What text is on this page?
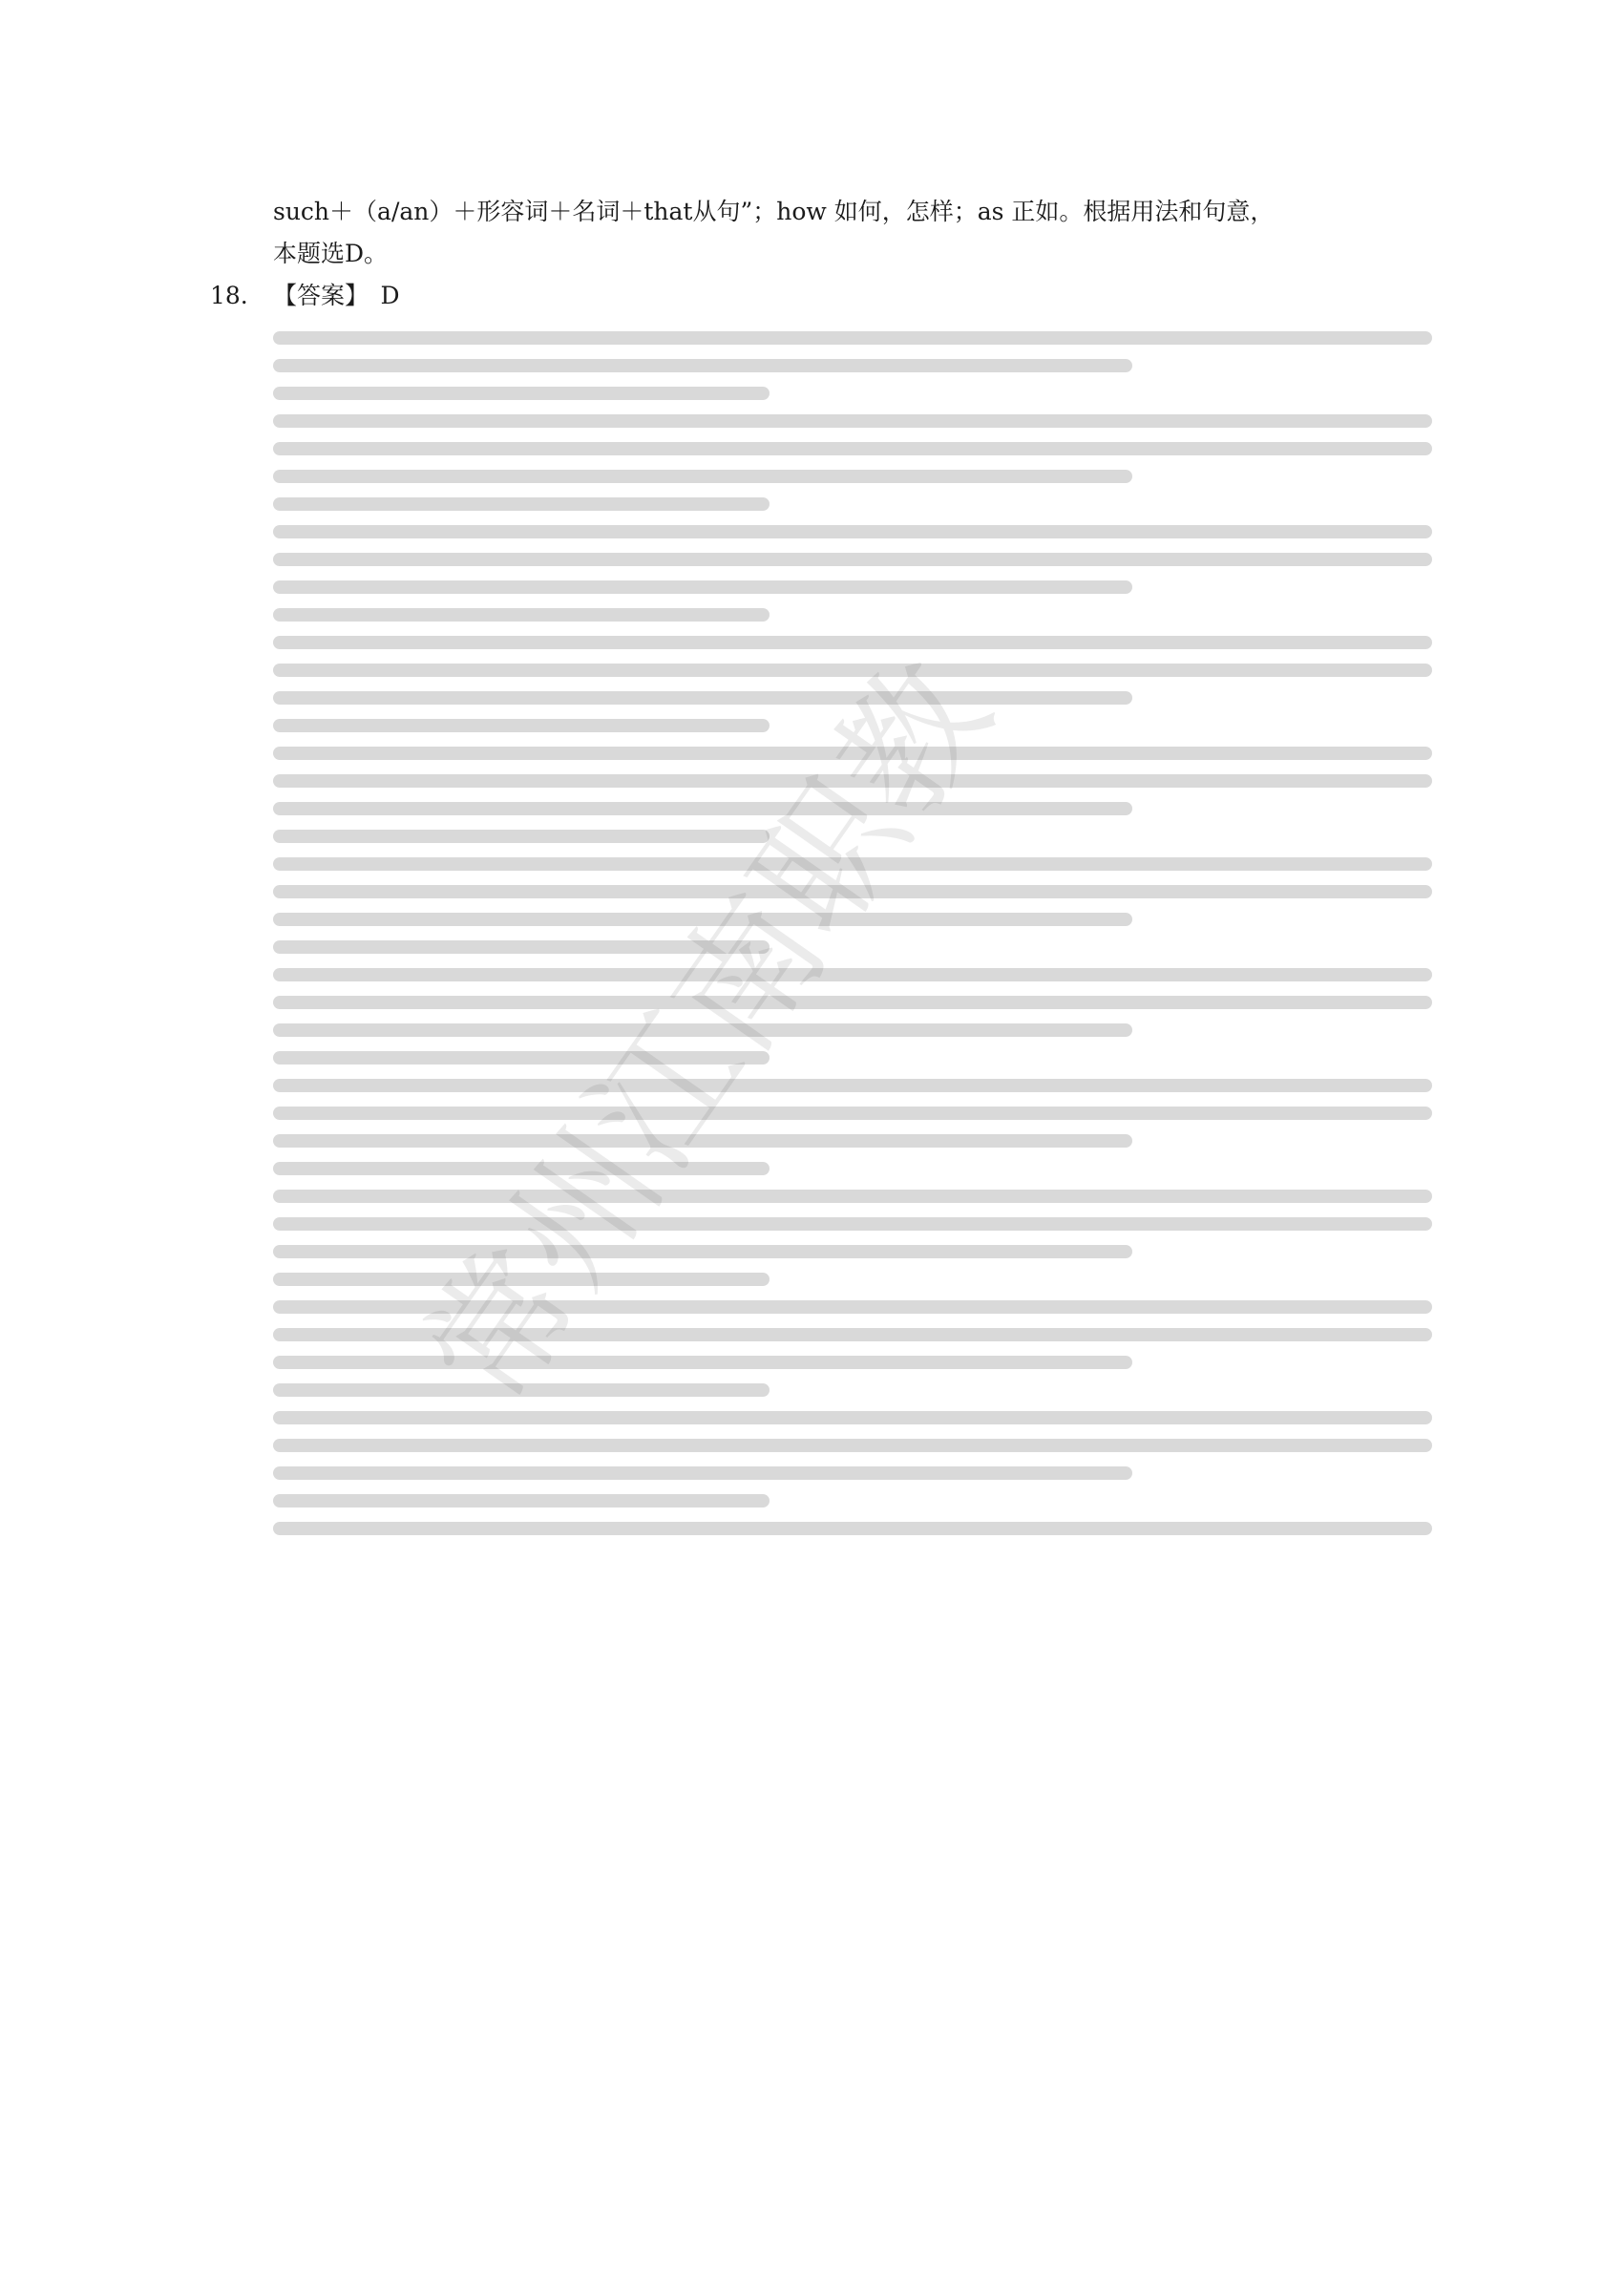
such＋（a/an）＋形容词＋名词＋that从句”；how 如何，怎样；as 正如。根据用法和句意，

本题选D。

18. 【答案】　D
